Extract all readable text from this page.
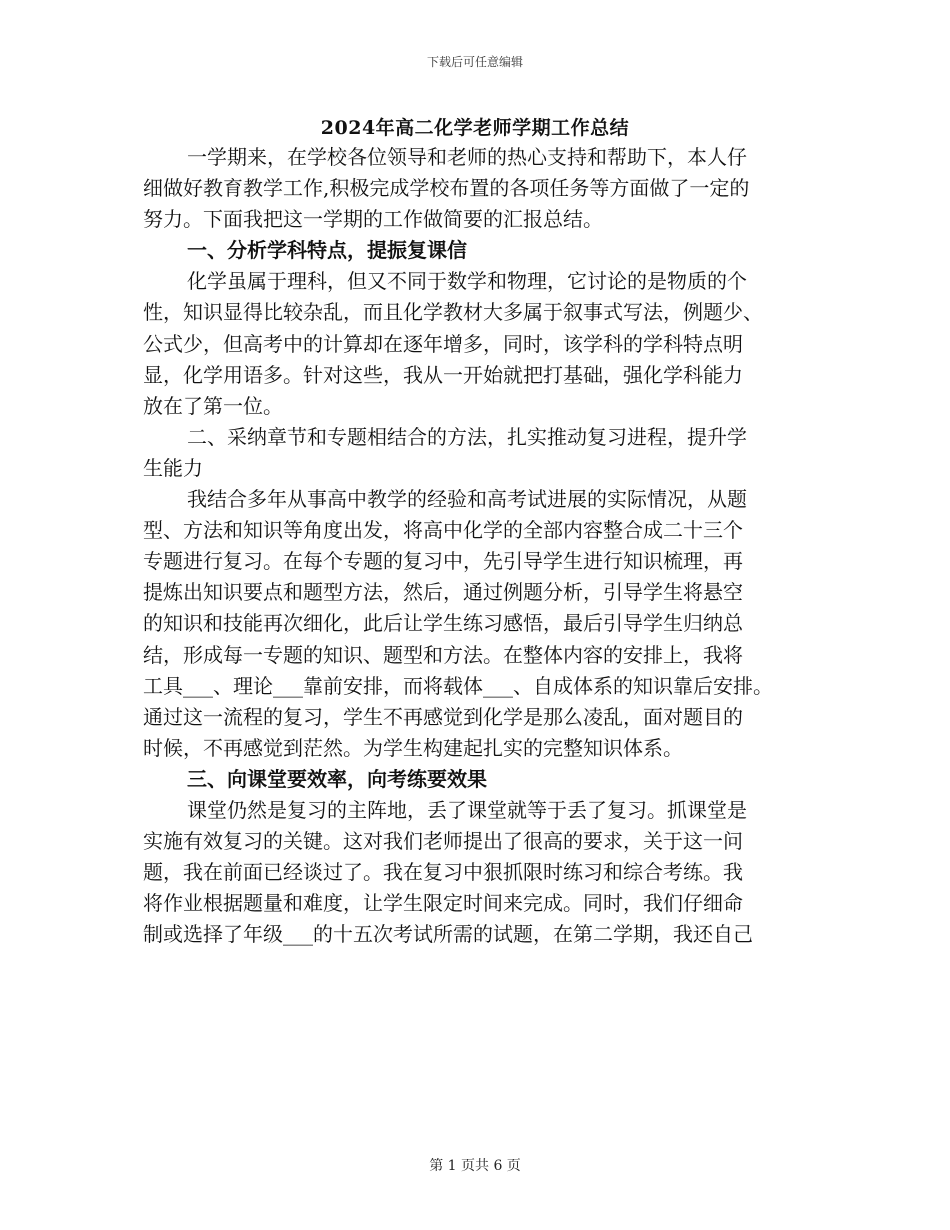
下载后可任意编辑
2024年高二化学老师学期工作总结
一学期来，在学校各位领导和老师的热心支持和帮助下，本人仔
细做好教育教学工作,积极完成学校布置的各项任务等方面做了一定的
努力。下面我把这一学期的工作做简要的汇报总结。
一、分析学科特点，提振复课信
化学虽属于理科，但又不同于数学和物理，它讨论的是物质的个
性，知识显得比较杂乱，而且化学教材大多属于叙事式写法，例题少、
公式少，但高考中的计算却在逐年增多，同时，该学科的学科特点明
显，化学用语多。针对这些，我从一开始就把打基础，强化学科能力
放在了第一位。
二、采纳章节和专题相结合的方法，扎实推动复习进程，提升学
生能力
我结合多年从事高中教学的经验和高考试进展的实际情况，从题
型、方法和知识等角度出发，将高中化学的全部内容整合成二十三个
专题进行复习。在每个专题的复习中，先引导学生进行知识梳理，再
提炼出知识要点和题型方法，然后，通过例题分析，引导学生将悬空
的知识和技能再次细化，此后让学生练习感悟，最后引导学生归纳总
结，形成每一专题的知识、题型和方法。在整体内容的安排上，我将
工具___、理论___靠前安排，而将载体___、自成体系的知识靠后安排。
通过这一流程的复习，学生不再感觉到化学是那么凌乱，面对题目的
时候，不再感觉到茫然。为学生构建起扎实的完整知识体系。
三、向课堂要效率，向考练要效果
课堂仍然是复习的主阵地，丢了课堂就等于丢了复习。抓课堂是
实施有效复习的关键。这对我们老师提出了很高的要求，关于这一问
题，我在前面已经谈过了。我在复习中狠抓限时练习和综合考练。我
将作业根据题量和难度，让学生限定时间来完成。同时，我们仔细命
制或选择了年级___的十五次考试所需的试题，在第二学期，我还自己
第 1 页共 6 页
